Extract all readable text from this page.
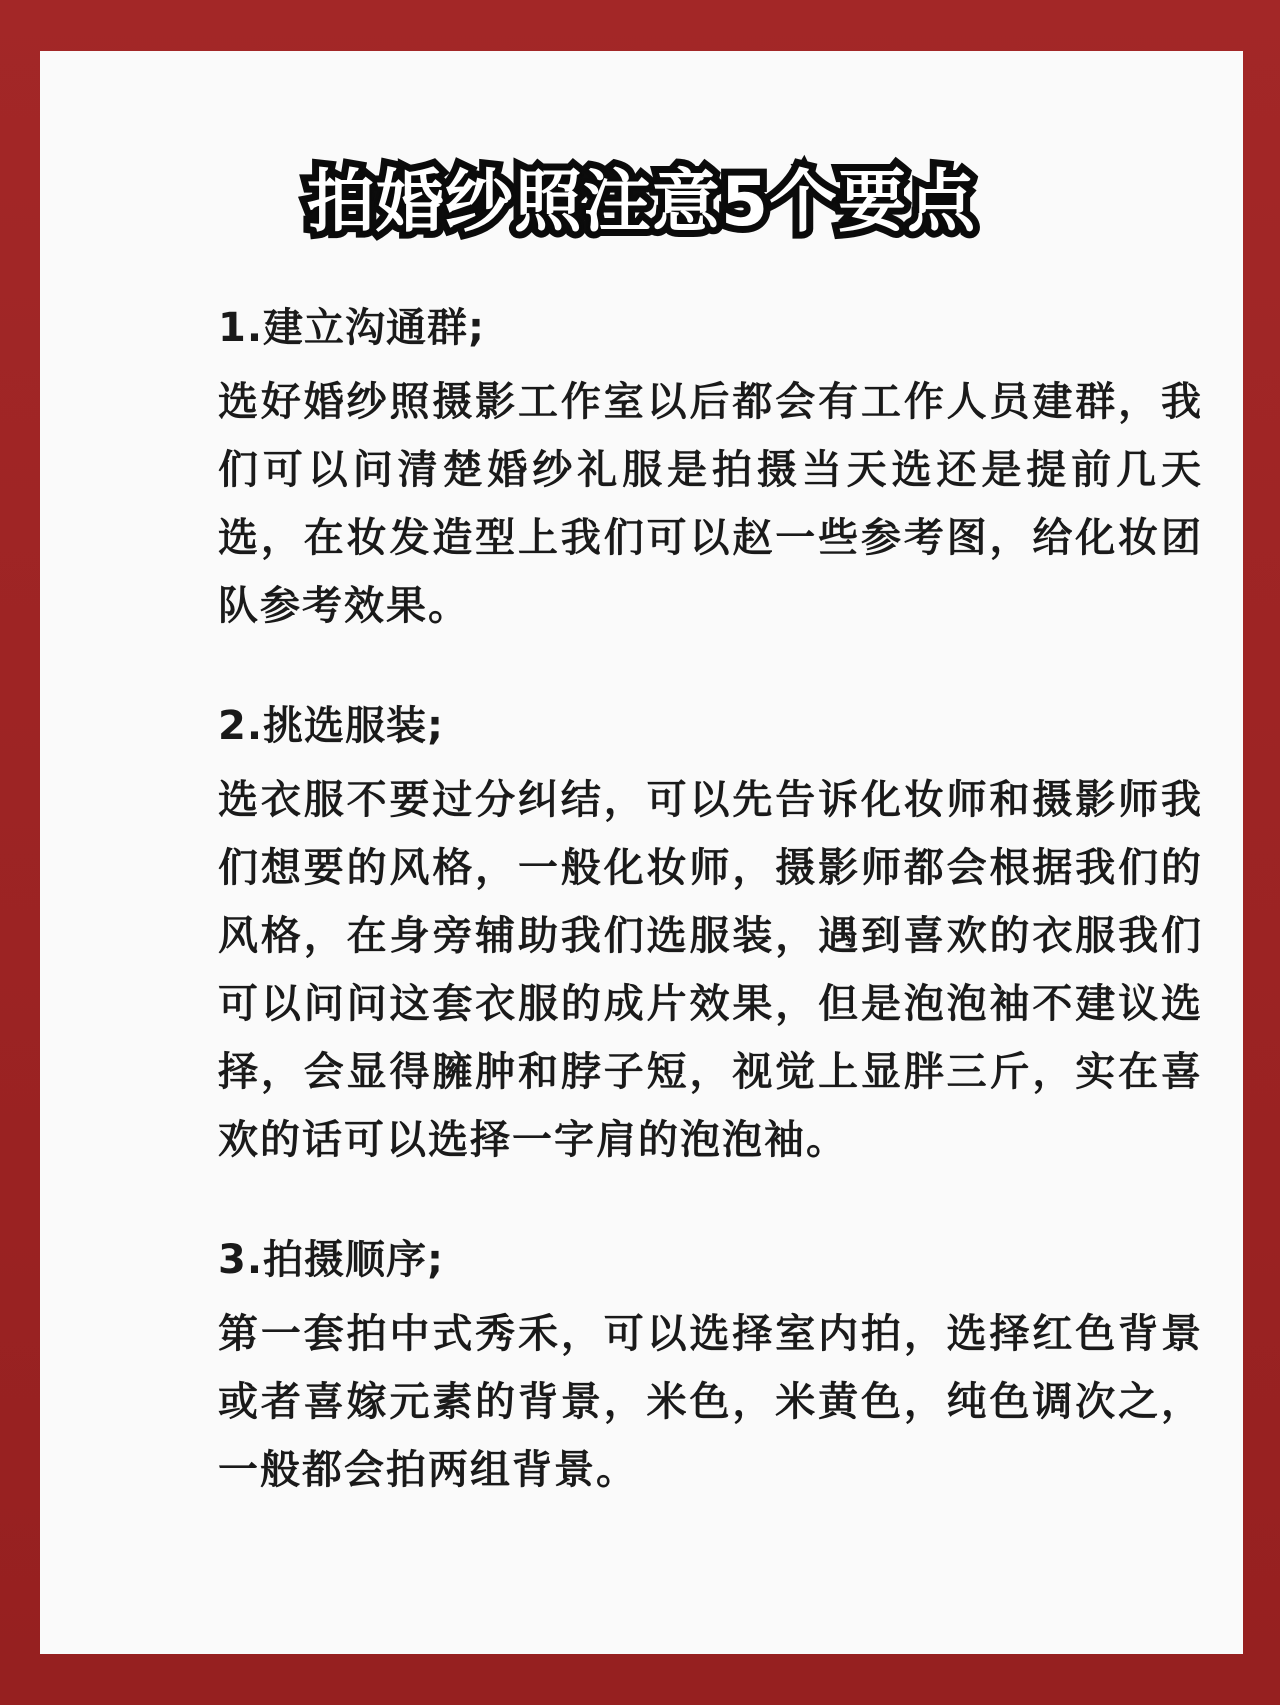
拍婚纱照注意5个要点
1.建立沟通群;
选好婚纱照摄影工作室以后都会有工作人员建群，我们可以问清楚婚纱礼服是拍摄当天选还是提前几天选，在妆发造型上我们可以赵一些参考图，给化妆团队参考效果。
2.挑选服装;
选衣服不要过分纠结，可以先告诉化妆师和摄影师我们想要的风格，一般化妆师，摄影师都会根据我们的风格，在身旁辅助我们选服装，遇到喜欢的衣服我们可以问问这套衣服的成片效果，但是泡泡袖不建议选择，会显得臃肿和脖子短，视觉上显胖三斤，实在喜欢的话可以选择一字肩的泡泡袖。
3.拍摄顺序;
第一套拍中式秀禾，可以选择室内拍，选择红色背景或者喜嫁元素的背景，米色，米黄色，纯色调次之，一般都会拍两组背景。
